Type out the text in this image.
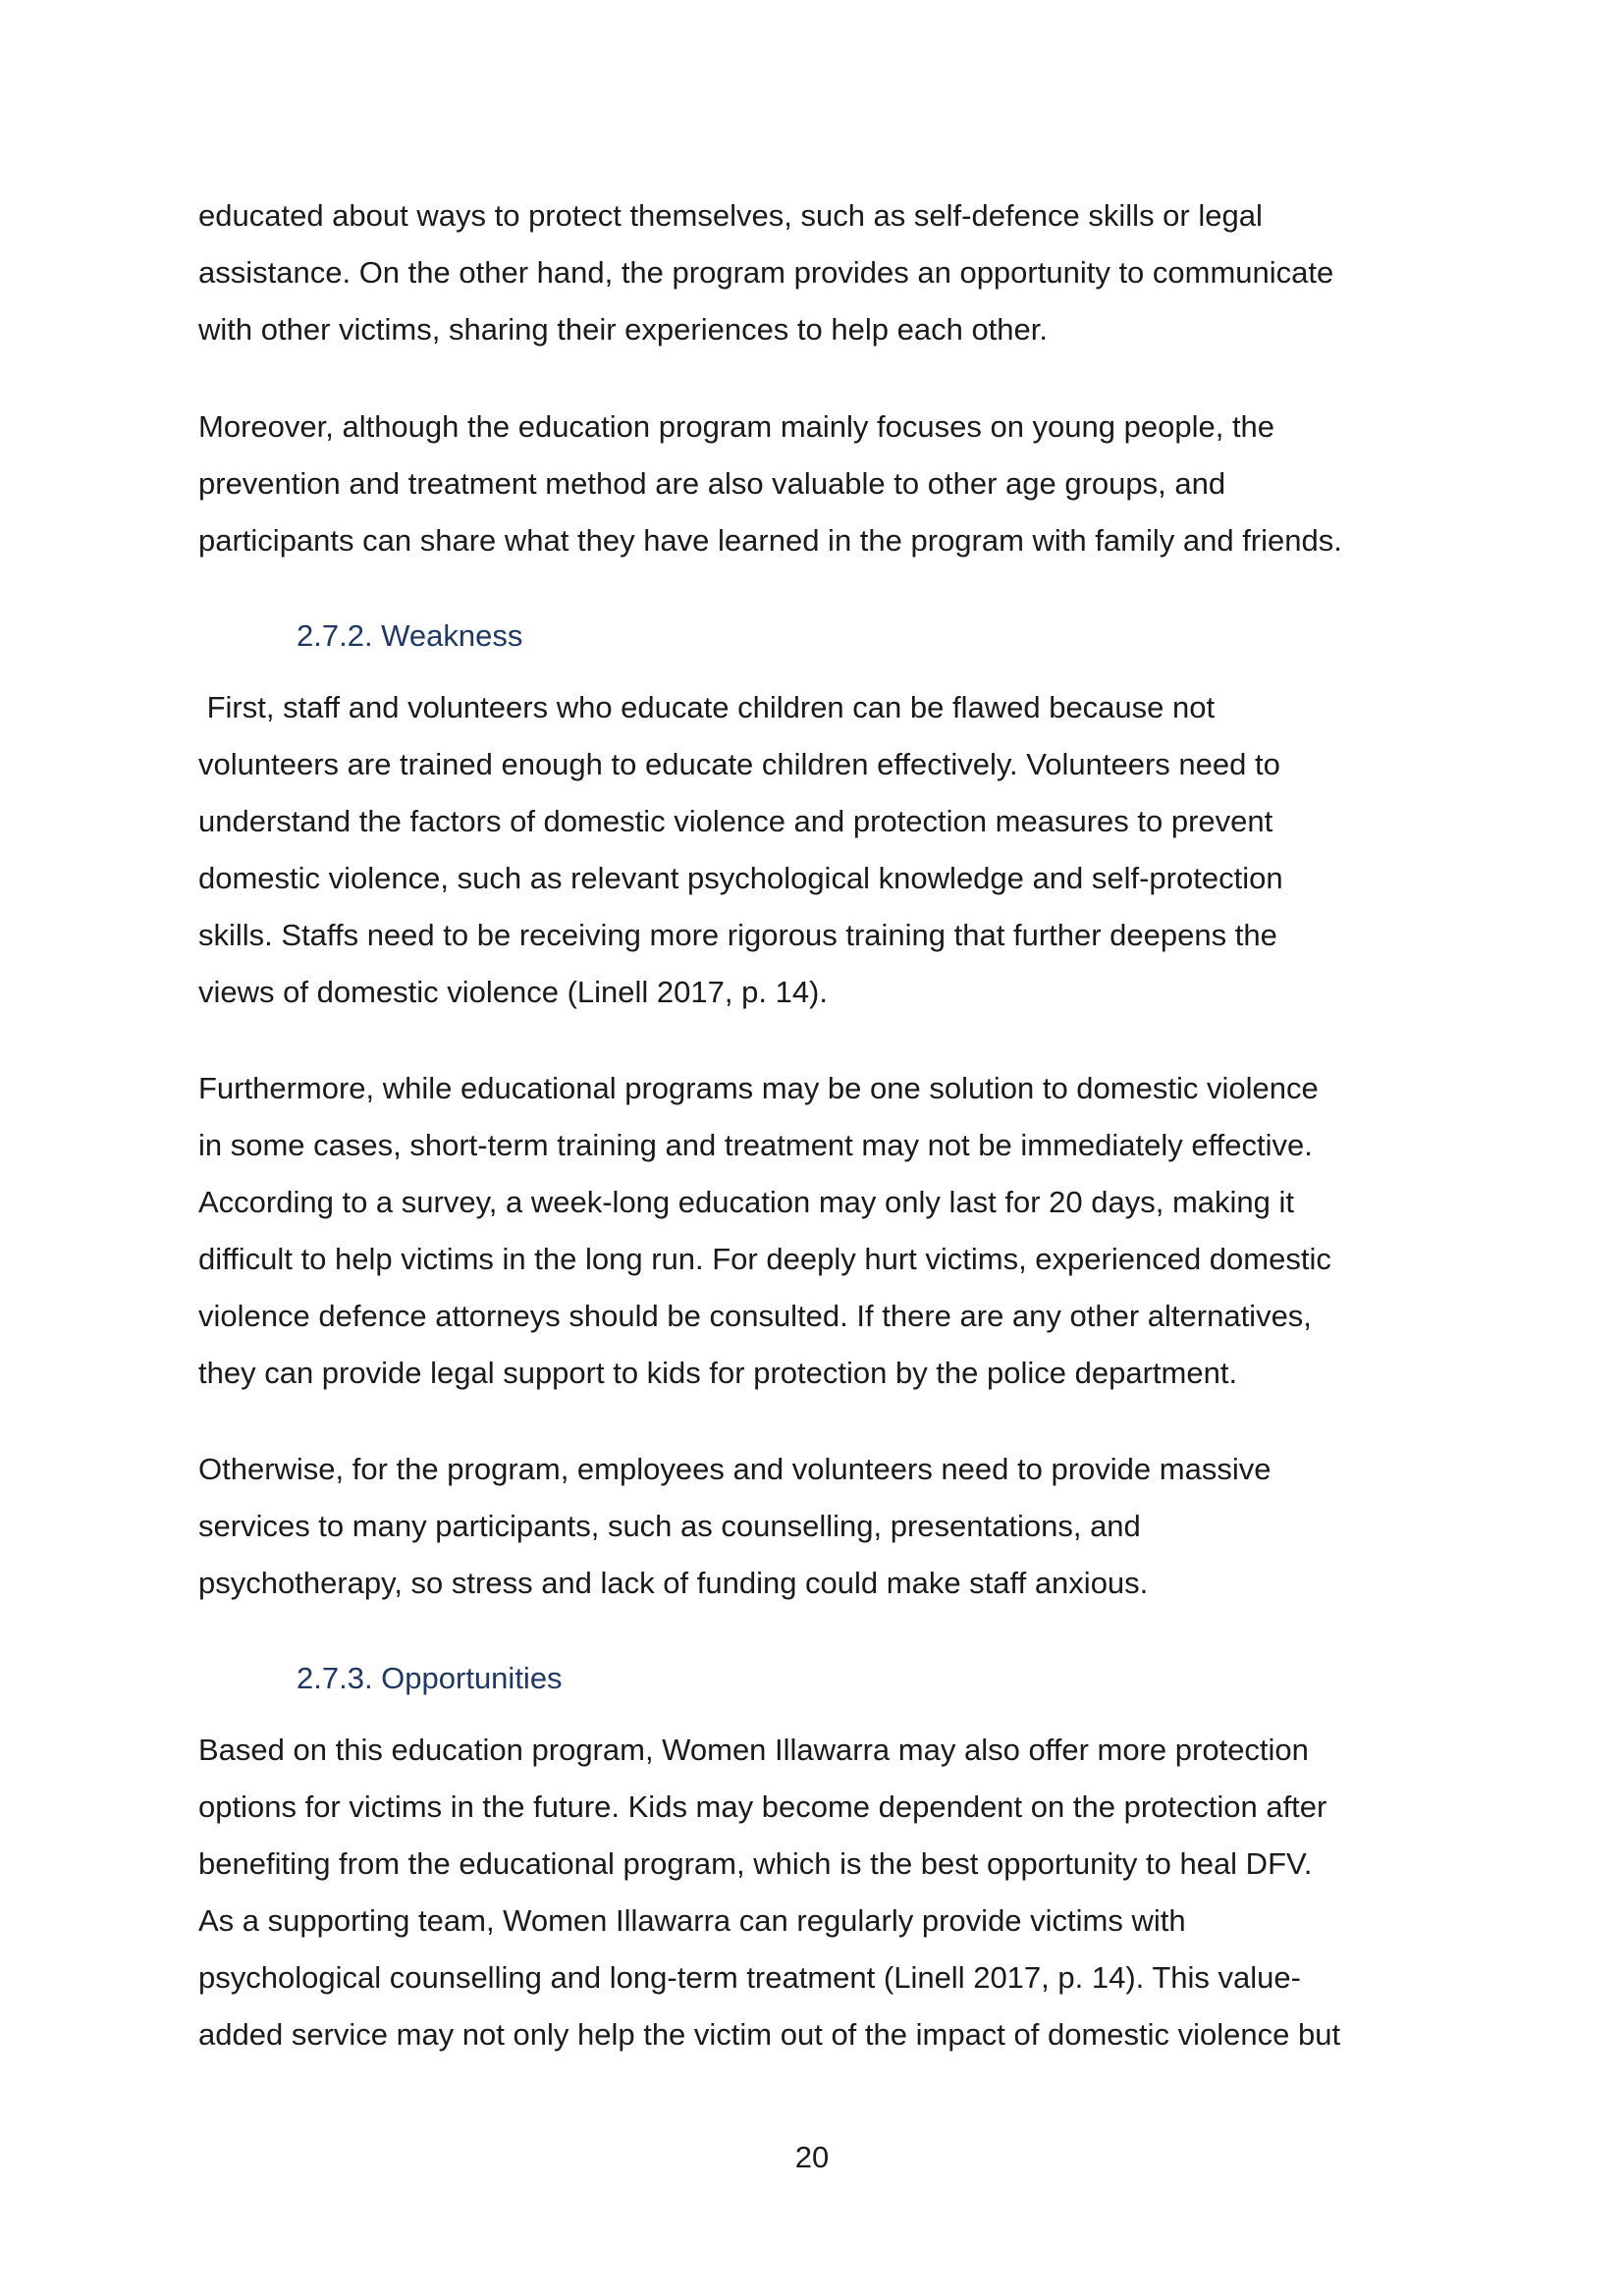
educated about ways to protect themselves, such as self-defence skills or legal
assistance. On the other hand, the program provides an opportunity to communicate
with other victims, sharing their experiences to help each other.

Moreover, although the education program mainly focuses on young people, the
prevention and treatment method are also valuable to other age groups, and
participants can share what they have learned in the program with family and friends.

2.7.2. Weakness

First, staff and volunteers who educate children can be flawed because not
volunteers are trained enough to educate children effectively. Volunteers need to
understand the factors of domestic violence and protection measures to prevent
domestic violence, such as relevant psychological knowledge and self-protection
skills. Staffs need to be receiving more rigorous training that further deepens the
views of domestic violence (Linell 2017, p. 14).

Furthermore, while educational programs may be one solution to domestic violence
in some cases, short-term training and treatment may not be immediately effective.
According to a survey, a week-long education may only last for 20 days, making it
difficult to help victims in the long run. For deeply hurt victims, experienced domestic
violence defence attorneys should be consulted. If there are any other alternatives,
they can provide legal support to kids for protection by the police department.

Otherwise, for the program, employees and volunteers need to provide massive
services to many participants, such as counselling, presentations, and
psychotherapy, so stress and lack of funding could make staff anxious.

2.7.3. Opportunities

Based on this education program, Women Illawarra may also offer more protection
options for victims in the future. Kids may become dependent on the protection after
benefiting from the educational program, which is the best opportunity to heal DFV.
As a supporting team, Women Illawarra can regularly provide victims with
psychological counselling and long-term treatment (Linell 2017, p. 14). This value-
added service may not only help the victim out of the impact of domestic violence but

20
